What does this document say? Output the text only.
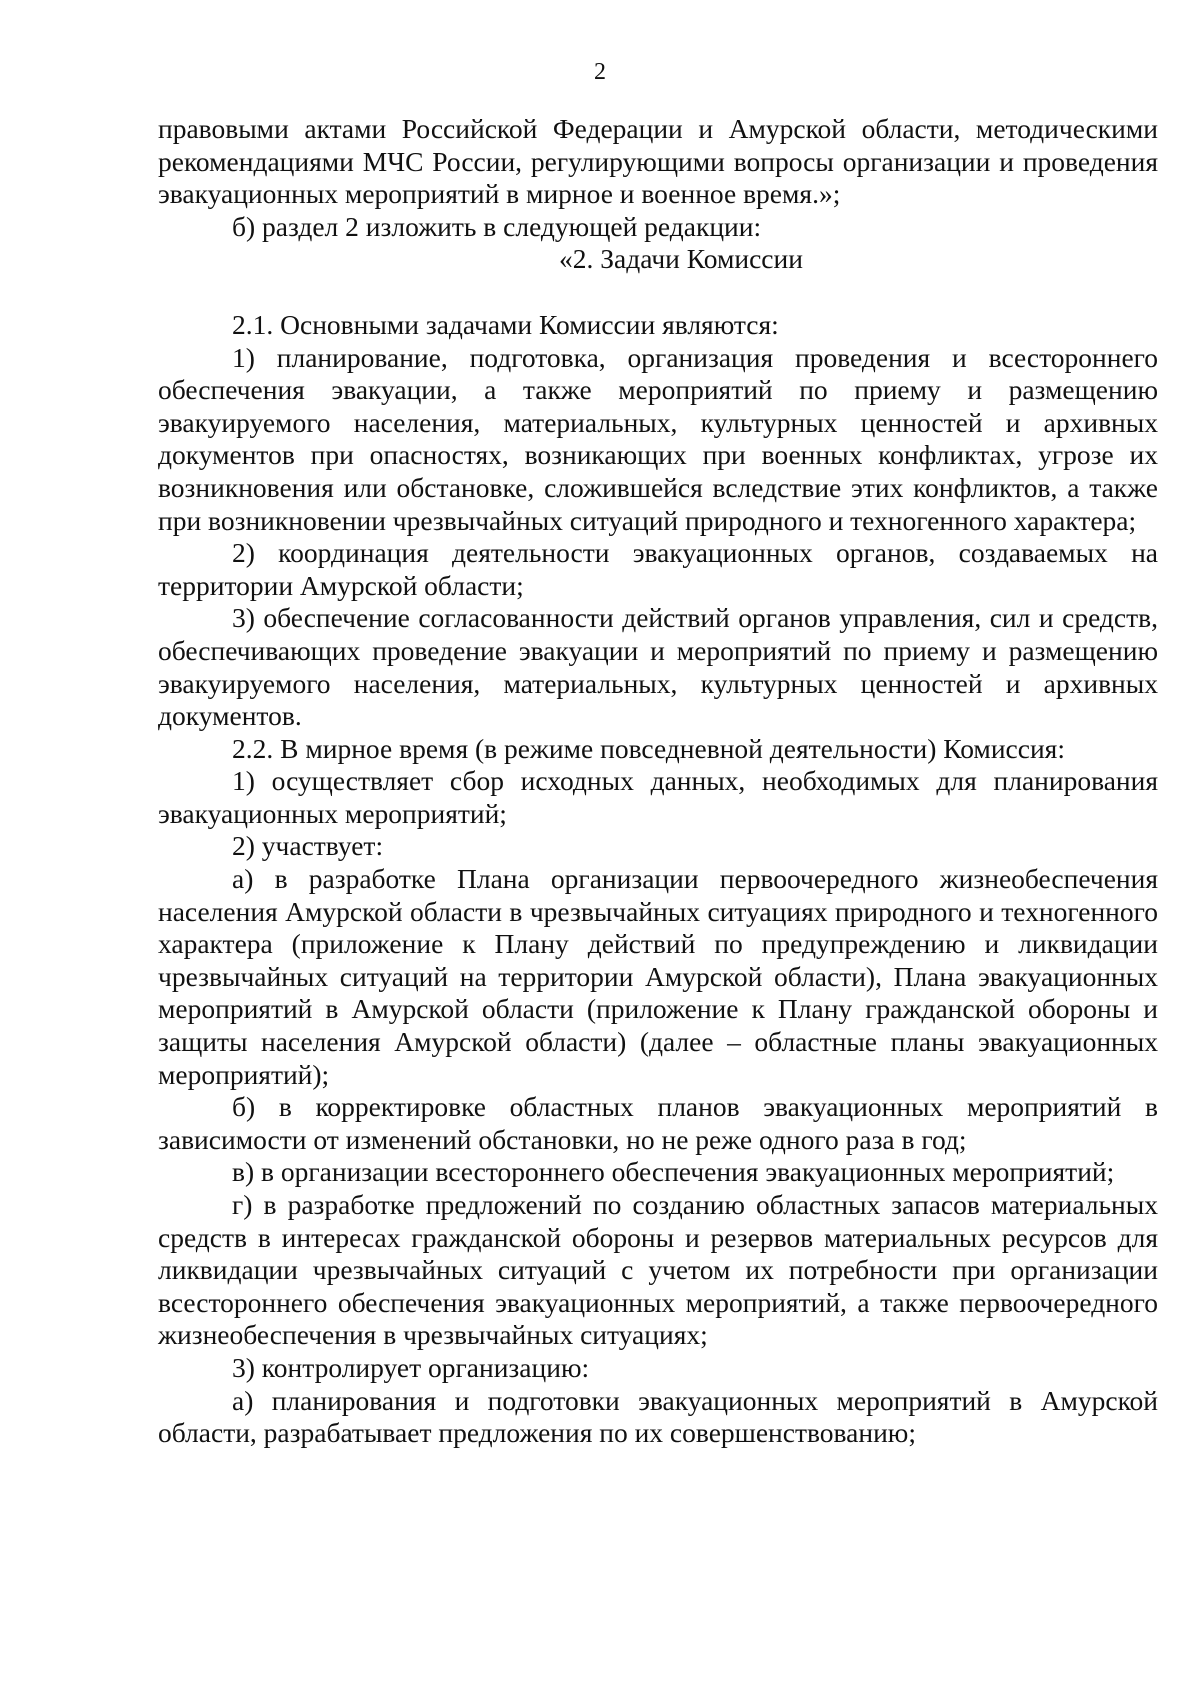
2

правовыми актами Российской Федерации и Амурской области, методическими рекомендациями МЧС России, регулирующими вопросы организации и проведения эвакуационных мероприятий в мирное и военное время.»;

б) раздел 2 изложить в следующей редакции:

«2. Задачи Комиссии

2.1. Основными задачами Комиссии являются:

1) планирование, подготовка, организация проведения и всестороннего обеспечения эвакуации, а также мероприятий по приему и размещению эвакуируемого населения, материальных, культурных ценностей и архивных документов при опасностях, возникающих при военных конфликтах, угрозе их возникновения или обстановке, сложившейся вследствие этих конфликтов, а также при возникновении чрезвычайных ситуаций природного и техногенного характера;

2) координация деятельности эвакуационных органов, создаваемых на территории Амурской области;

3) обеспечение согласованности действий органов управления, сил и средств, обеспечивающих проведение эвакуации и мероприятий по приему и размещению эвакуируемого населения, материальных, культурных ценностей и архивных документов.

2.2. В мирное время (в режиме повседневной деятельности) Комиссия:

1) осуществляет сбор исходных данных, необходимых для планирования эвакуационных мероприятий;

2) участвует:

а) в разработке Плана организации первоочередного жизнеобеспечения населения Амурской области в чрезвычайных ситуациях природного и техногенного характера (приложение к Плану действий по предупреждению и ликвидации чрезвычайных ситуаций на территории Амурской области), Плана эвакуационных мероприятий в Амурской области (приложение к Плану гражданской обороны и защиты населения Амурской области) (далее – областные планы эвакуационных мероприятий);

б) в корректировке областных планов эвакуационных мероприятий в зависимости от изменений обстановки, но не реже одного раза в год;

в) в организации всестороннего обеспечения эвакуационных мероприятий;

г) в разработке предложений по созданию областных запасов материальных средств в интересах гражданской обороны и резервов материальных ресурсов для ликвидации чрезвычайных ситуаций с учетом их потребности при организации всестороннего обеспечения эвакуационных мероприятий, а также первоочередного жизнеобеспечения в чрезвычайных ситуациях;

3) контролирует организацию:

а) планирования и подготовки эвакуационных мероприятий в Амурской области, разрабатывает предложения по их совершенствованию;
